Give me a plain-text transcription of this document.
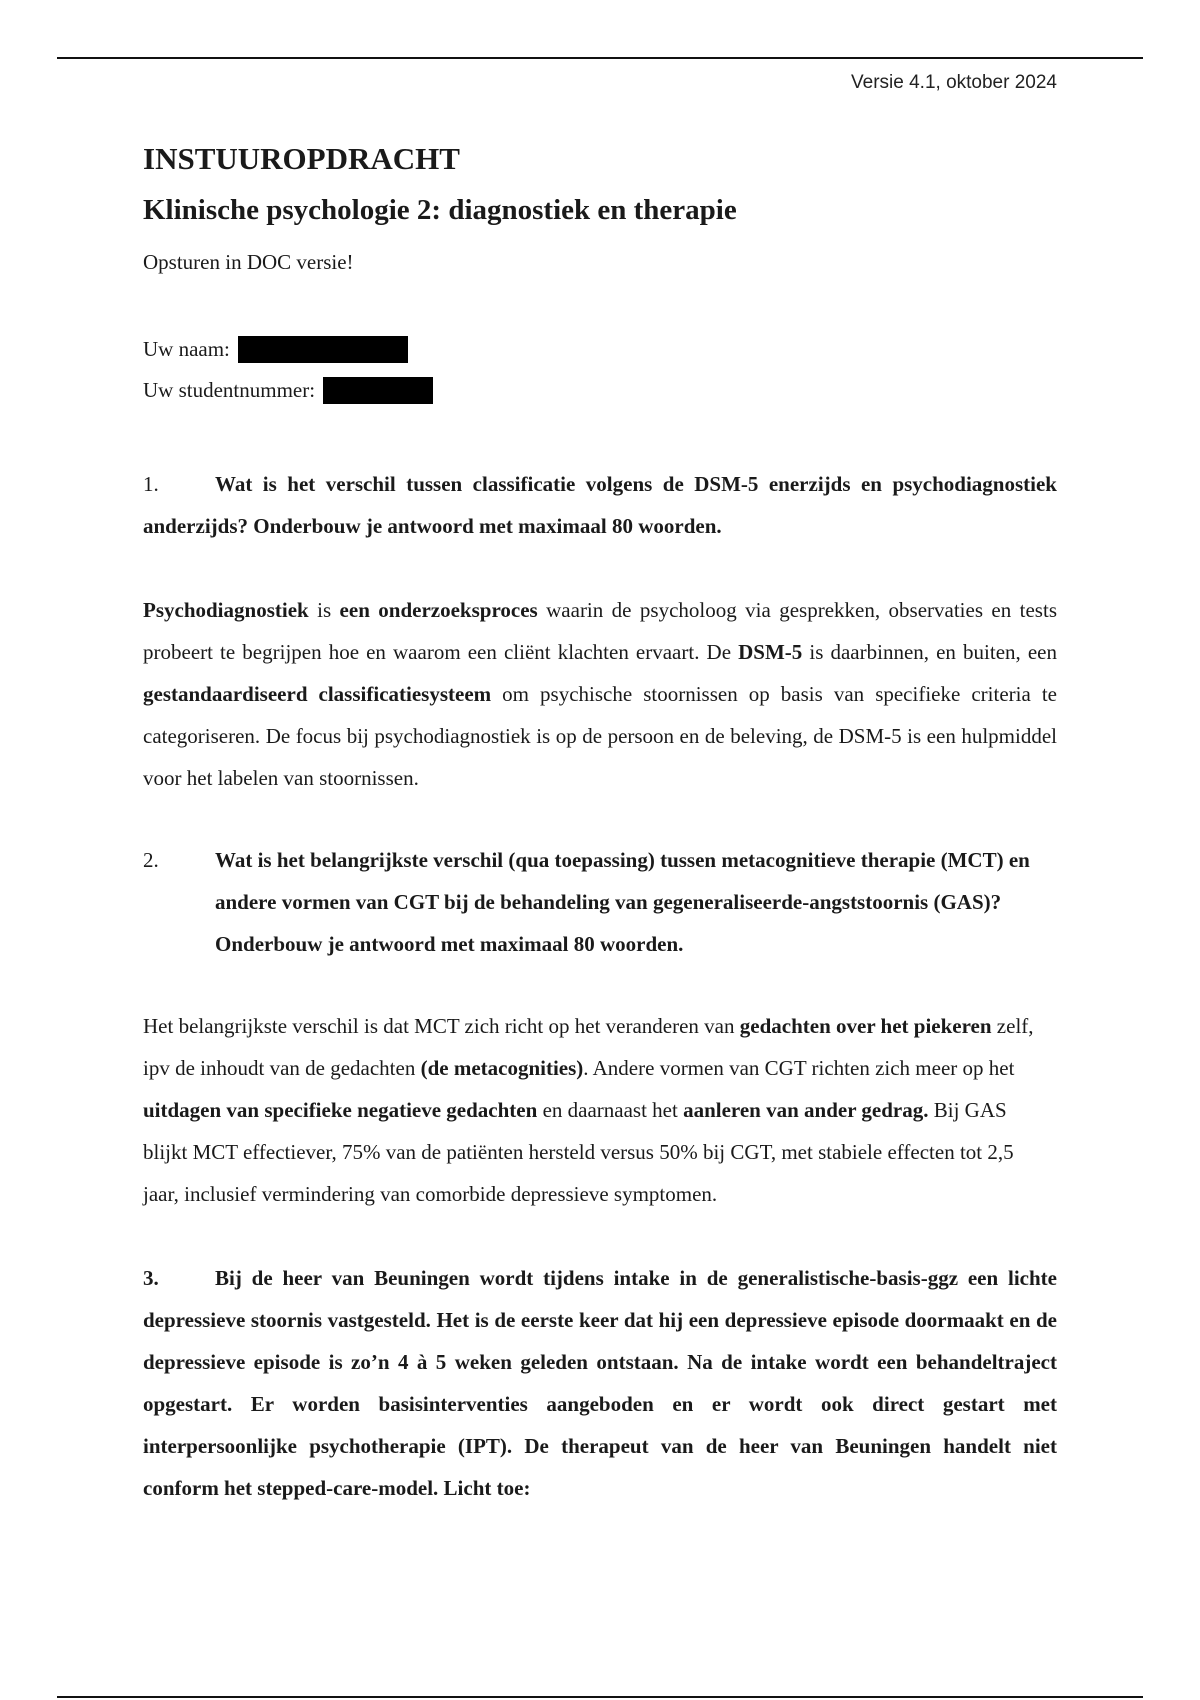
Versie 4.1, oktober 2024
INSTUUROPDRACHT
Klinische psychologie 2: diagnostiek en therapie

Opsturen in DOC versie!

Uw naam:
Uw studentnummer:

1.	Wat is het verschil tussen classificatie volgens de DSM-5 enerzijds en psychodiagnostiek anderzijds? Onderbouw je antwoord met maximaal 80 woorden.

Psychodiagnostiek is een onderzoeksproces waarin de psycholoog via gesprekken, observaties en tests probeert te begrijpen hoe en waarom een cliënt klachten ervaart. De DSM-5 is daarbinnen, en buiten, een gestandaardiseerd classificatiesysteem om psychische stoornissen op basis van specifieke criteria te categoriseren. De focus bij psychodiagnostiek is op de persoon en de beleving, de DSM-5 is een hulpmiddel voor het labelen van stoornissen.

2.	Wat is het belangrijkste verschil (qua toepassing) tussen metacognitieve therapie (MCT) en andere vormen van CGT bij de behandeling van gegeneraliseerde-angststoornis (GAS)? Onderbouw je antwoord met maximaal 80 woorden.

Het belangrijkste verschil is dat MCT zich richt op het veranderen van gedachten over het piekeren zelf, ipv de inhoudt van de gedachten (de metacognities). Andere vormen van CGT richten zich meer op het uitdagen van specifieke negatieve gedachten en daarnaast het aanleren van ander gedrag. Bij GAS blijkt MCT effectiever, 75% van de patiënten hersteld versus 50% bij CGT, met stabiele effecten tot 2,5 jaar, inclusief vermindering van comorbide depressieve symptomen.

3.	Bij de heer van Beuningen wordt tijdens intake in de generalistische-basis-ggz een lichte depressieve stoornis vastgesteld. Het is de eerste keer dat hij een depressieve episode doormaakt en de depressieve episode is zo’n 4 à 5 weken geleden ontstaan. Na de intake wordt een behandeltraject opgestart. Er worden basisinterventies aangeboden en er wordt ook direct gestart met interpersoonlijke psychotherapie (IPT). De therapeut van de heer van Beuningen handelt niet conform het stepped-care-model. Licht toe:
